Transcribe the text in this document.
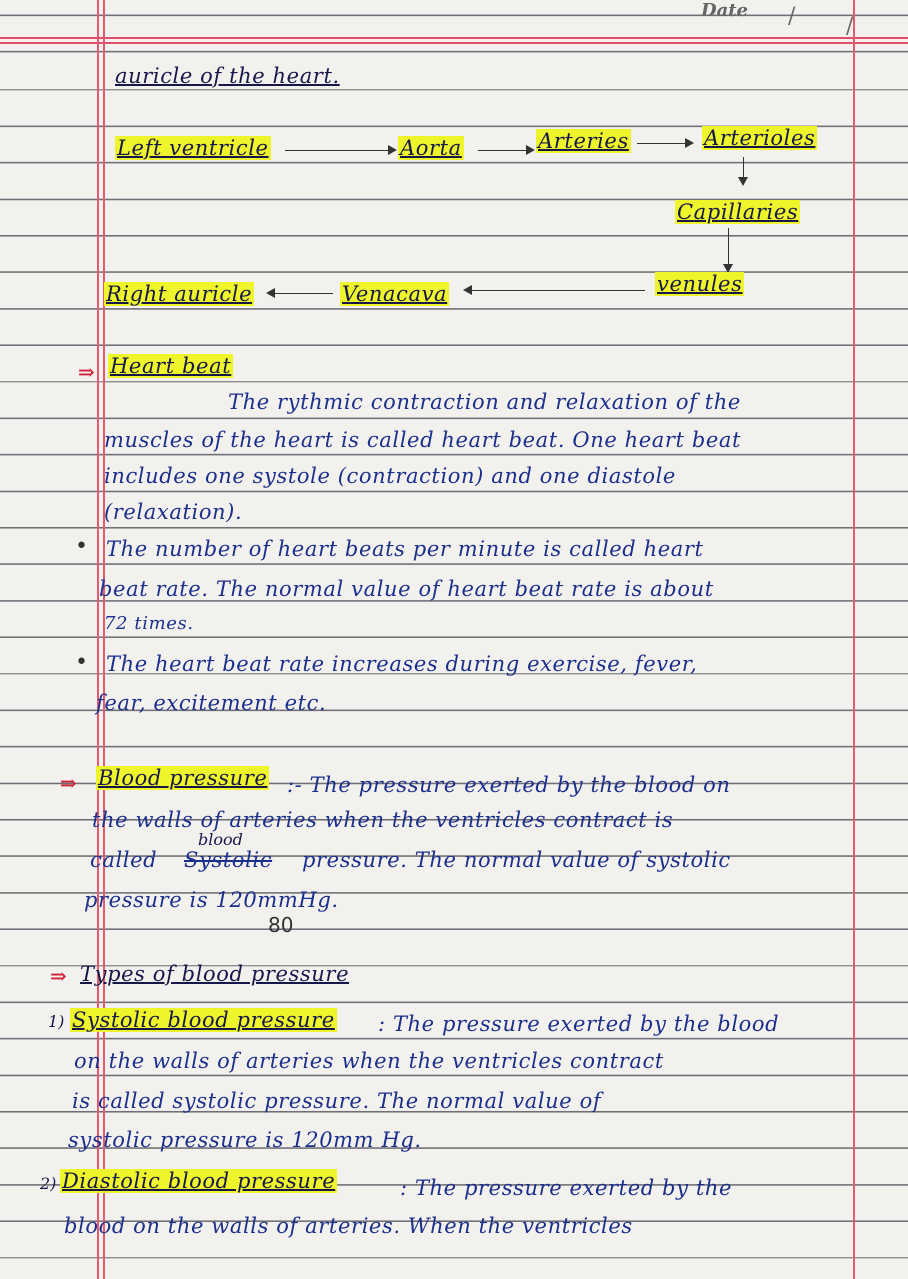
Date / /
auricle of the heart.
Left ventricle	Aorta	Arteries	Arterioles
Capillaries
venules
Venacava
Right auricle
⇒ Heart beat
The rythmic contraction and relaxation of the
muscles of the heart is called heart beat. One heart beat
includes one systole (contraction) and one diastole
(relaxation).
• The number of heart beats per minute is called heart
beat rate. The normal value of heart beat rate is about
72 times.
• The heart beat rate increases during exercise, fever,
fear, excitement etc.
⇒ Blood pressure :- The pressure exerted by the blood on
the walls of arteries when the ventricles contract is
blood
called Systolic pressure. The normal value of systolic
pressure is 120mmHg.
80
⇒ Types of blood pressure
1) Systolic blood pressure : The pressure exerted by the blood
on the walls of arteries when the ventricles contract
is called systolic pressure. The normal value of
systolic pressure is 120mm Hg.
2) Diastolic blood pressure	: The pressure exerted by the
blood on the walls of arteries. When the ventricles
